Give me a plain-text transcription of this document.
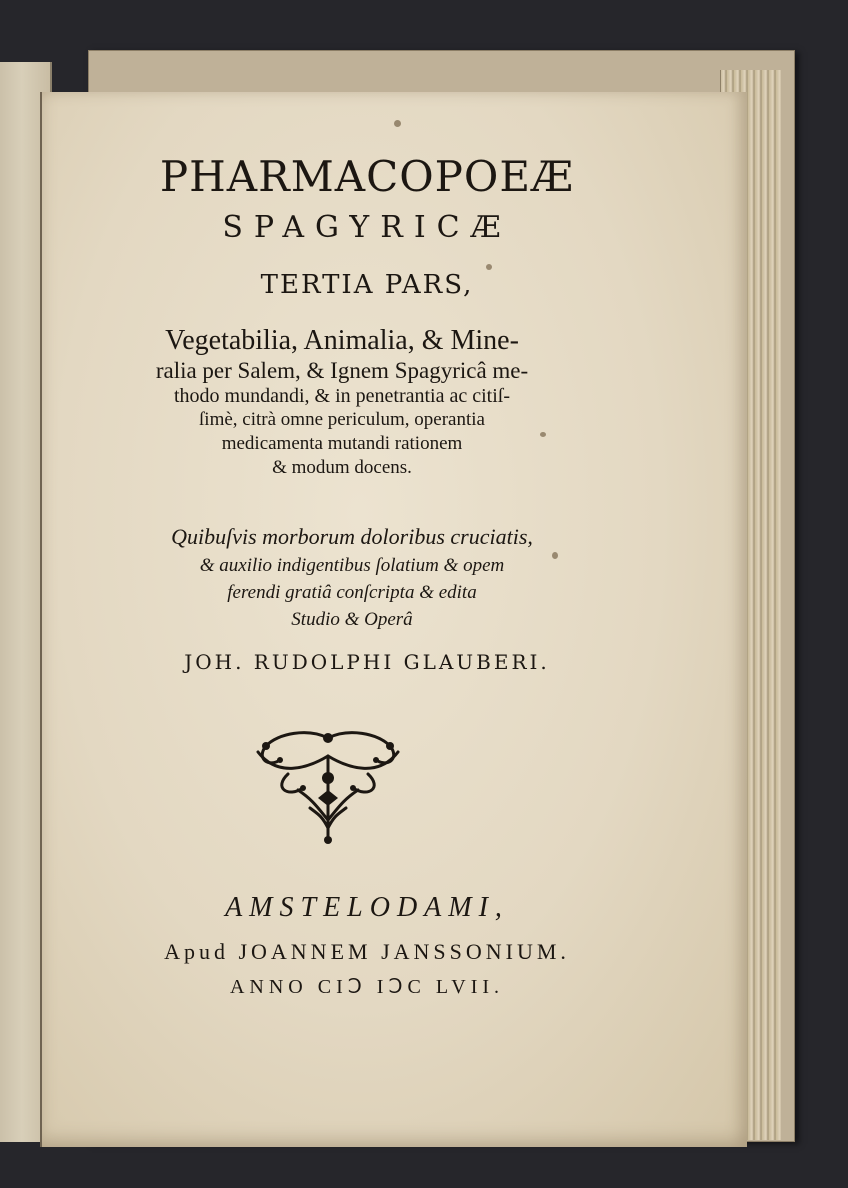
PHARMACOPOEÆ
SPAGYRICÆ
TERTIA PARS,
Vegetabilia, Animalia, & Mine-
ralia per Salem, & Ignem Spagyricâ me-
thodo mundandi, & in penetrantia ac citiſ-
ſimè, citrà omne periculum, operantia
medicamenta mutandi rationem
& modum docens.
Quibuſvis morborum doloribus cruciatis,
& auxilio indigentibus ſolatium & opem
ferendi gratiâ conſcripta & edita
Studio & Operâ
JOH. RUDOLPHI GLAUBERI.
AMSTELODAMI,
Apud JOANNEM JANSSONIUM.
ANNO CIↃ IↃC LVII.
